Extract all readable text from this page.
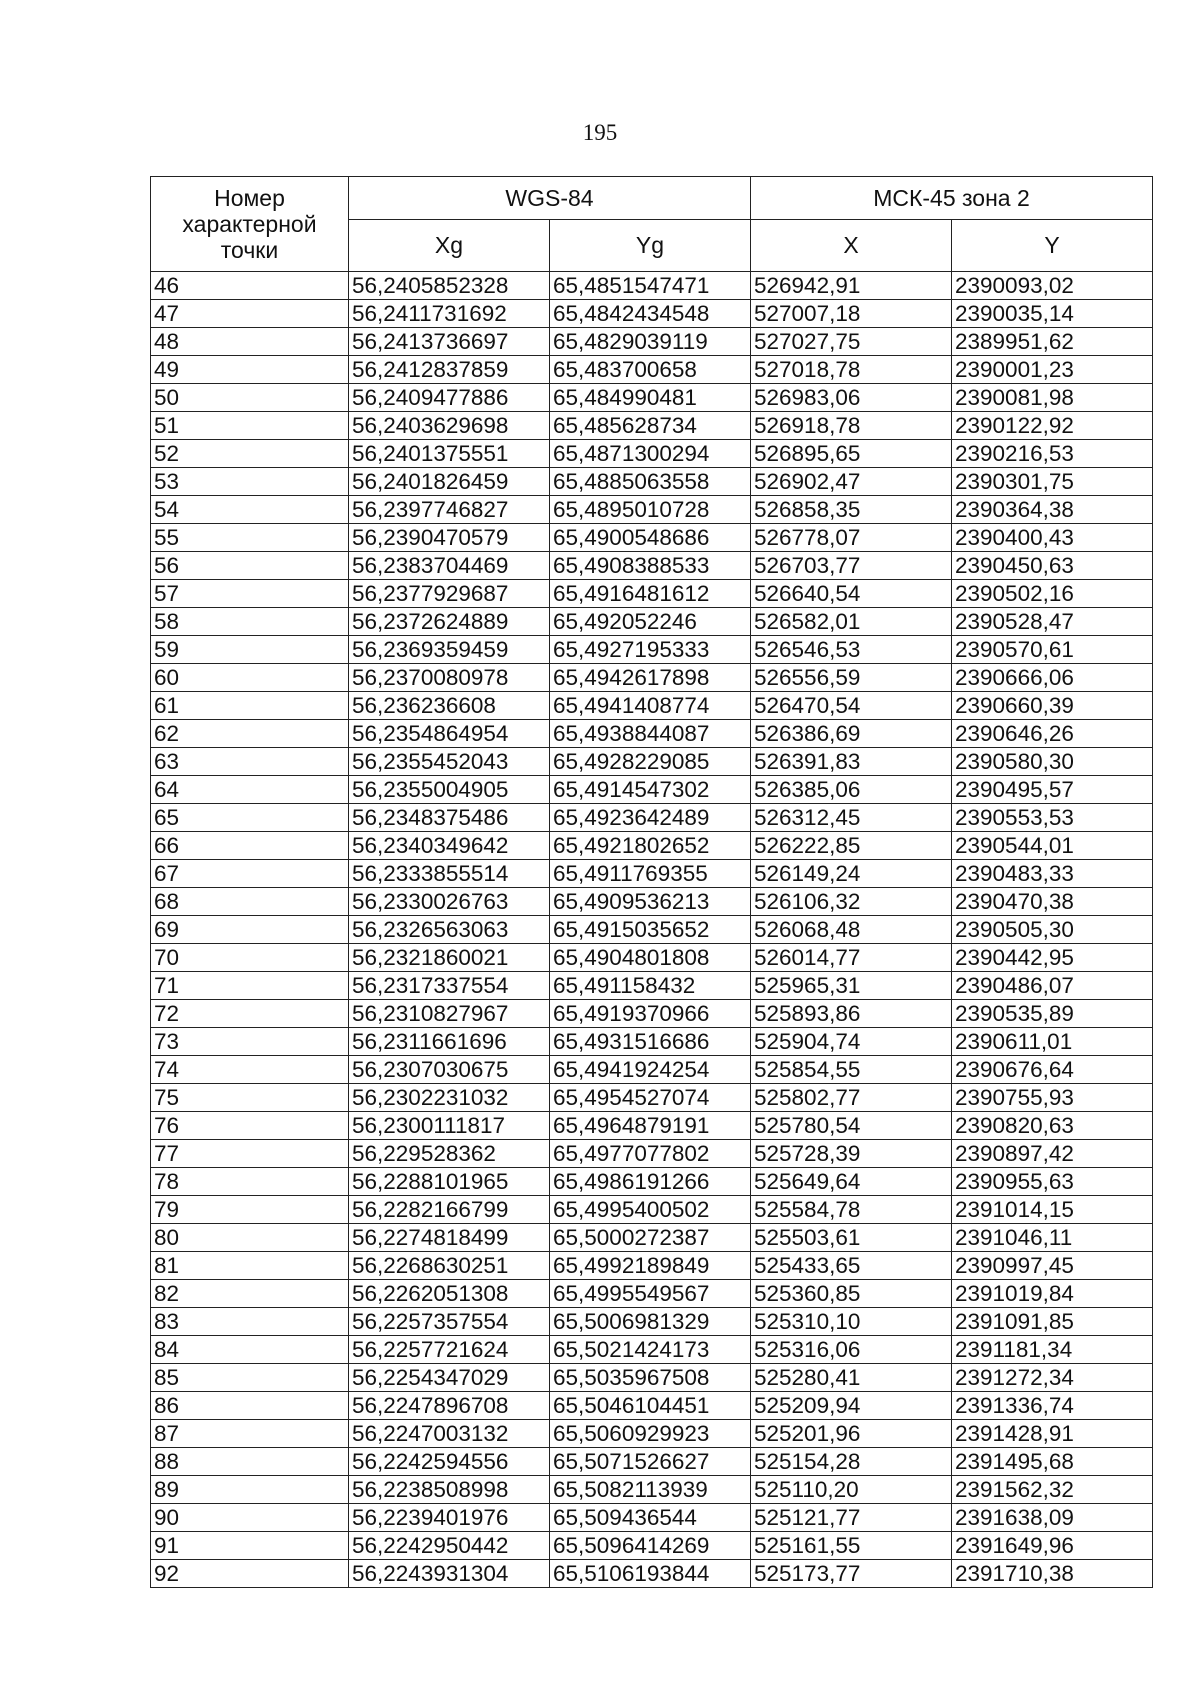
195
Номер характерной точки	WGS-84		МСК-45 зона 2	
	Xg	Yg	X	Y
46	56,2405852328	65,4851547471	526942,91	2390093,02
47	56,2411731692	65,4842434548	527007,18	2390035,14
48	56,2413736697	65,4829039119	527027,75	2389951,62
49	56,2412837859	65,483700658	527018,78	2390001,23
50	56,2409477886	65,484990481	526983,06	2390081,98
51	56,2403629698	65,485628734	526918,78	2390122,92
52	56,2401375551	65,4871300294	526895,65	2390216,53
53	56,2401826459	65,4885063558	526902,47	2390301,75
54	56,2397746827	65,4895010728	526858,35	2390364,38
55	56,2390470579	65,4900548686	526778,07	2390400,43
56	56,2383704469	65,4908388533	526703,77	2390450,63
57	56,2377929687	65,4916481612	526640,54	2390502,16
58	56,2372624889	65,492052246	526582,01	2390528,47
59	56,2369359459	65,4927195333	526546,53	2390570,61
60	56,2370080978	65,4942617898	526556,59	2390666,06
61	56,236236608	65,4941408774	526470,54	2390660,39
62	56,2354864954	65,4938844087	526386,69	2390646,26
63	56,2355452043	65,4928229085	526391,83	2390580,30
64	56,2355004905	65,4914547302	526385,06	2390495,57
65	56,2348375486	65,4923642489	526312,45	2390553,53
66	56,2340349642	65,4921802652	526222,85	2390544,01
67	56,2333855514	65,4911769355	526149,24	2390483,33
68	56,2330026763	65,4909536213	526106,32	2390470,38
69	56,2326563063	65,4915035652	526068,48	2390505,30
70	56,2321860021	65,4904801808	526014,77	2390442,95
71	56,2317337554	65,491158432	525965,31	2390486,07
72	56,2310827967	65,4919370966	525893,86	2390535,89
73	56,2311661696	65,4931516686	525904,74	2390611,01
74	56,2307030675	65,4941924254	525854,55	2390676,64
75	56,2302231032	65,4954527074	525802,77	2390755,93
76	56,2300111817	65,4964879191	525780,54	2390820,63
77	56,229528362	65,4977077802	525728,39	2390897,42
78	56,2288101965	65,4986191266	525649,64	2390955,63
79	56,2282166799	65,4995400502	525584,78	2391014,15
80	56,2274818499	65,5000272387	525503,61	2391046,11
81	56,2268630251	65,4992189849	525433,65	2390997,45
82	56,2262051308	65,4995549567	525360,85	2391019,84
83	56,2257357554	65,5006981329	525310,10	2391091,85
84	56,2257721624	65,5021424173	525316,06	2391181,34
85	56,2254347029	65,5035967508	525280,41	2391272,34
86	56,2247896708	65,5046104451	525209,94	2391336,74
87	56,2247003132	65,5060929923	525201,96	2391428,91
88	56,2242594556	65,5071526627	525154,28	2391495,68
89	56,2238508998	65,5082113939	525110,20	2391562,32
90	56,2239401976	65,509436544	525121,77	2391638,09
91	56,2242950442	65,5096414269	525161,55	2391649,96
92	56,2243931304	65,5106193844	525173,77	2391710,38
